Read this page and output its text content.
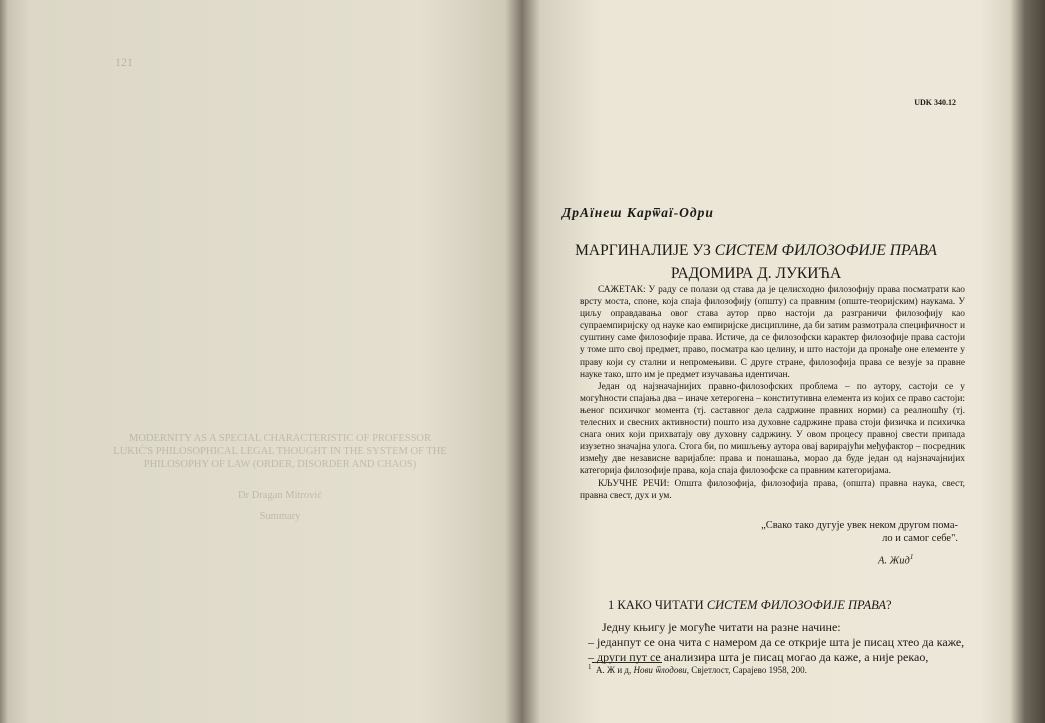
121
MODERNITY AS A SPECIAL CHARACTERISTIC OF PROFESSOR LUKIĆ'S PHILOSOPHICAL LEGAL THOUGHT IN THE SYSTEM OF THE PHILOSOPHY OF LAW (ORDER, DISORDER AND CHAOS)
Dr Dragan Mitrović
Summary
UDK 340.12
ДрАїнеш Карѿаї-Одри
МАРГИНАЛИЈЕ УЗ СИСТЕМ ФИЛОЗОФИЈЕ ПРАВА
РАДОМИРА Д. ЛУКИЋА

САЖЕТАК: У раду се полази од става да је целисходно филозофију права посматрати као врсту моста, споне, која спаја филозофију (општу) са правним (опште-теоријским) наукама. У циљу оправдавања овог става аутор прво настоји да разграничи филозофију као супраемпиријску од науке као емпиријске дисциплине, да би затим размотрала специфичност и суштину саме филозофије права. Истиче, да се филозофски карактер филозофије права састоји у томе што свој предмет, право, посматра као целину, и што настоји да пронађе оне елементе у праву који су стални и непромењиви. С друге стране, филозофија права се везује за правне науке тако, што им је предмет изучавања идентичан.

Један од најзначајнијих правно-филозофских проблема – по аутору, састоји се у могућности спајања два – иначе хетерогена – конститутивна елемента из којих се право састоји: њеног психичког момента (тј. саставног дела садржине правних норми) са реалношћу (тј. телесних и свесних активности) пошто иза духовне садржине права стоји физичка и психичка снага оних који прихватају ову духовну садржину. У овом процесу правној свести припада изузетно значајна улога. Стога би, по мишљењу аутора овај варирајући међуфактор – посредник између две независне варијабле: права и понашања, морао да буде један од најзначајнијих категорија филозофије права, која спаја филозофске са правним категоријама.

КЉУЧНЕ РЕЧИ: Општа филозофија, филозофија права, (општа) правна наука, свест, правна свест, дух и ум.

„Свако тако дугује увек неком другом пома-
ло и самог себе".
А. Жид$^1$
1 КАКО ЧИТАТИ СИСТЕМ ФИЛОЗОФИЈЕ ПРАВА?

Једну књигу је могуће читати на разне начине:

– једанпут се она чита с намером да се открије шта је писац хтео да каже,

– други пут се анализира шта је писац могао да каже, а није рекао,

$^1$ А. Ж и д, Нови ѿлодови, Свјетлост, Сарајево 1958, 200.
